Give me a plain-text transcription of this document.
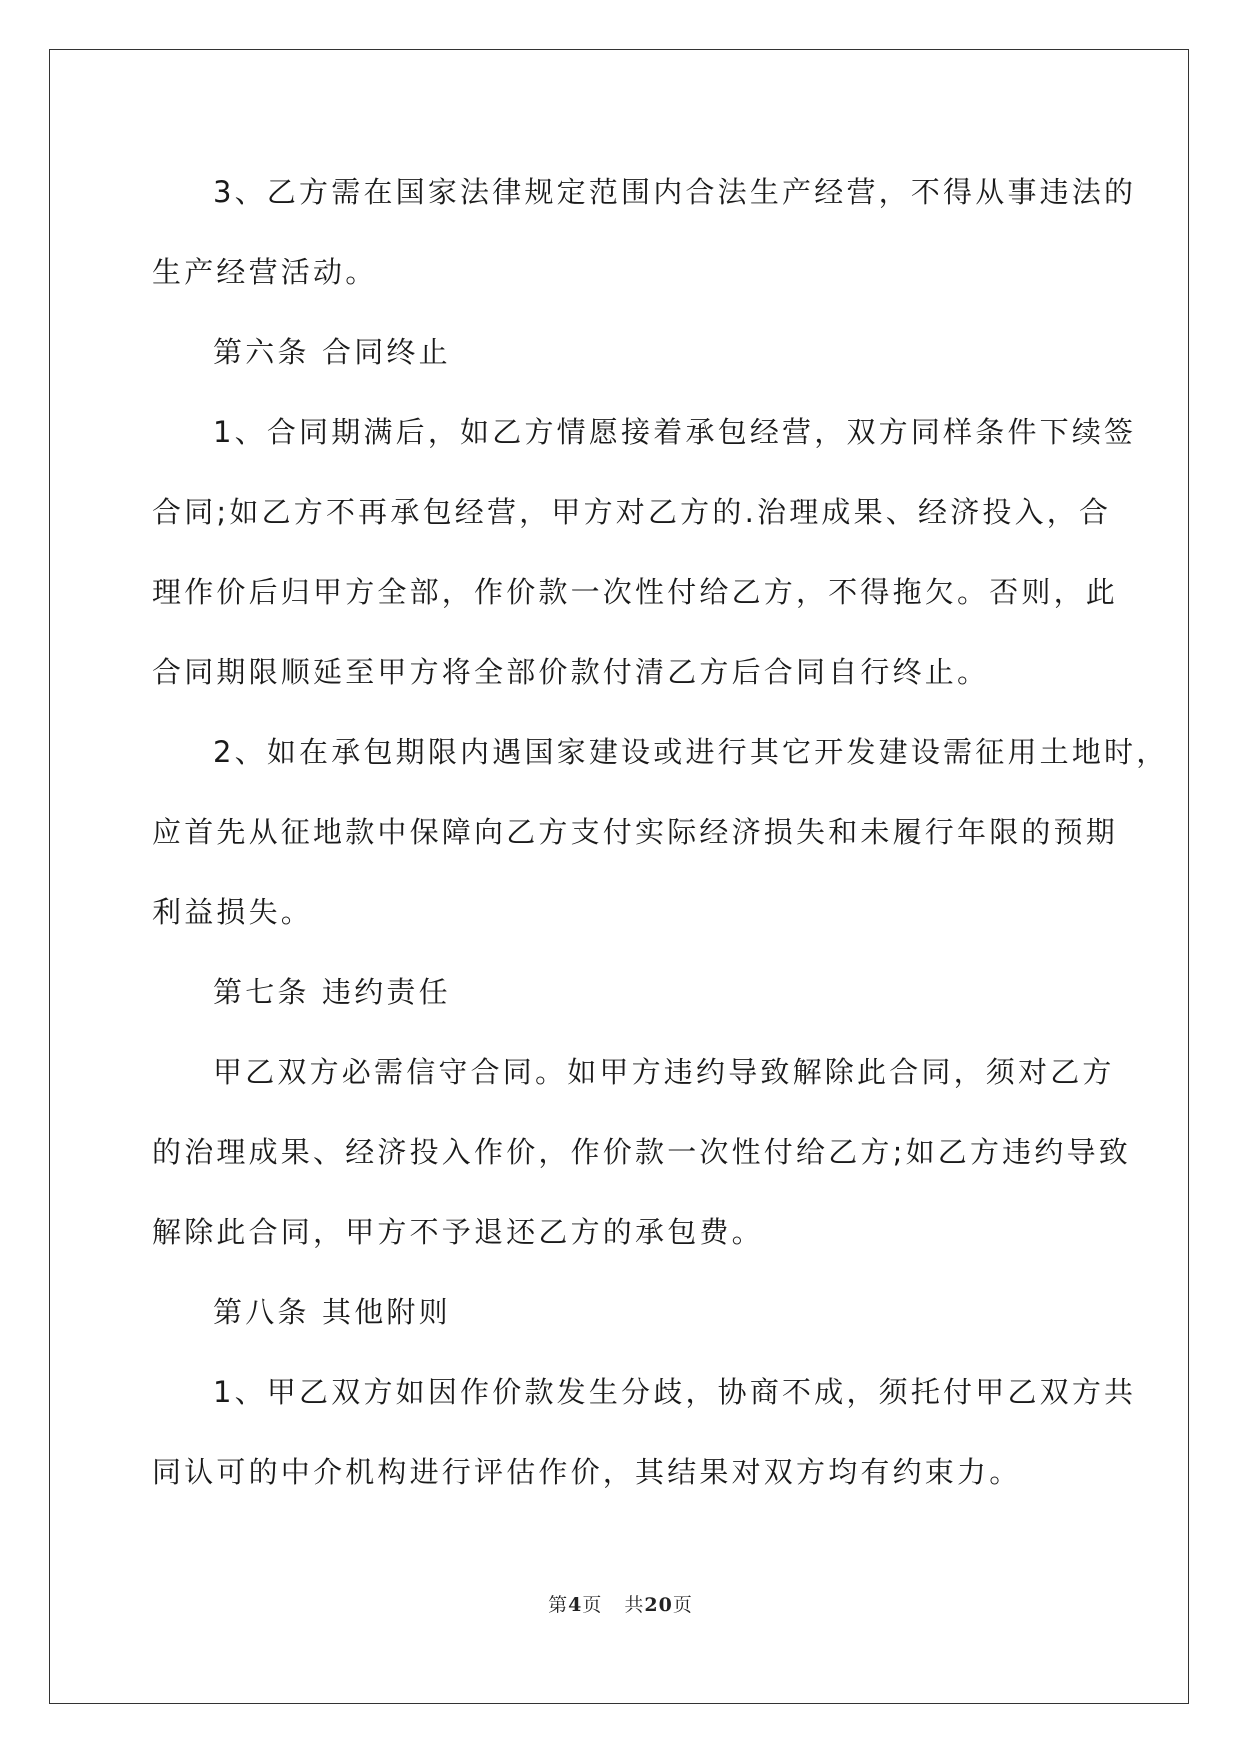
3、乙方需在国家法律规定范围内合法生产经营，不得从事违法的
生产经营活动。
第六条 合同终止
1、合同期满后，如乙方情愿接着承包经营，双方同样条件下续签
合同;如乙方不再承包经营，甲方对乙方的.治理成果、经济投入，合
理作价后归甲方全部，作价款一次性付给乙方，不得拖欠。否则，此
合同期限顺延至甲方将全部价款付清乙方后合同自行终止。
2、如在承包期限内遇国家建设或进行其它开发建设需征用土地时，
应首先从征地款中保障向乙方支付实际经济损失和未履行年限的预期
利益损失。
第七条 违约责任
甲乙双方必需信守合同。如甲方违约导致解除此合同，须对乙方
的治理成果、经济投入作价，作价款一次性付给乙方;如乙方违约导致
解除此合同，甲方不予退还乙方的承包费。
第八条 其他附则
1、甲乙双方如因作价款发生分歧，协商不成，须托付甲乙双方共
同认可的中介机构进行评估作价，其结果对双方均有约束力。
第4页 共20页
